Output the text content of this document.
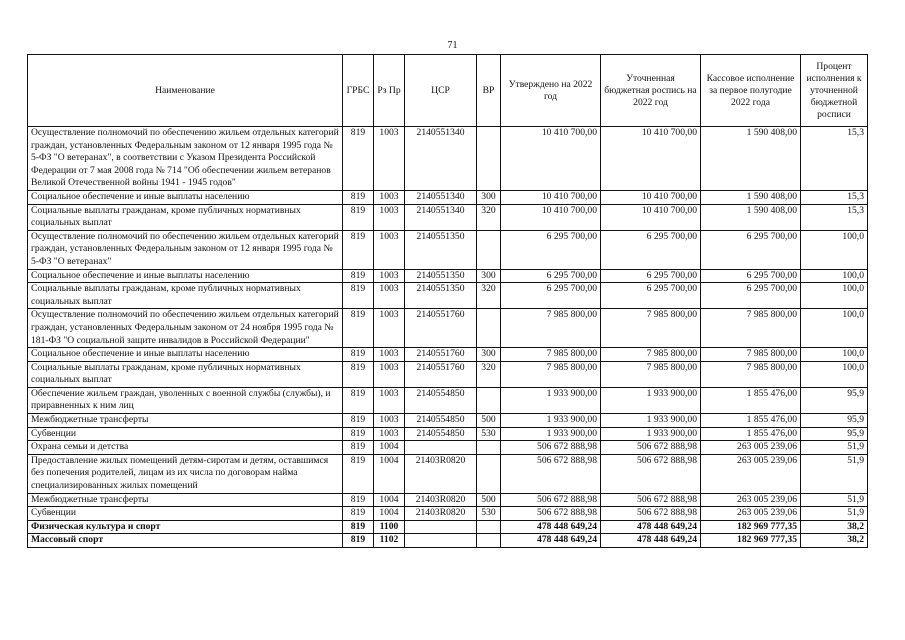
71
Наименование	ГРБС	Рз Пр	ЦСР	ВР	Утверждено на 2022 год	Уточненная бюджетная роспись на 2022 год	Кассовое исполнение за первое полугодие 2022 года	Процент исполнения к уточненной бюджетной росписи
Осуществление полномочий по обеспечению жильем отдельных категорий граждан, установленных Федеральным законом от 12 января 1995 года № 5-ФЗ "О ветеранах", в соответствии с Указом Президента Российской Федерации от 7 мая 2008 года № 714 "Об обеспечении жильем ветеранов Великой Отечественной войны 1941 - 1945 годов"	819	1003	2140551340		10 410 700,00	10 410 700,00	1 590 408,00	15,3
Социальное обеспечение и иные выплаты населению	819	1003	2140551340	300	10 410 700,00	10 410 700,00	1 590 408,00	15,3
Социальные выплаты гражданам, кроме публичных нормативных социальных выплат	819	1003	2140551340	320	10 410 700,00	10 410 700,00	1 590 408,00	15,3
Осуществление полномочий по обеспечению жильем отдельных категорий граждан, установленных Федеральным законом от 12 января 1995 года № 5-ФЗ "О ветеранах"	819	1003	2140551350		6 295 700,00	6 295 700,00	6 295 700,00	100,0
Социальное обеспечение и иные выплаты населению	819	1003	2140551350	300	6 295 700,00	6 295 700,00	6 295 700,00	100,0
Социальные выплаты гражданам, кроме публичных нормативных социальных выплат	819	1003	2140551350	320	6 295 700,00	6 295 700,00	6 295 700,00	100,0
Осуществление полномочий по обеспечению жильем отдельных категорий граждан, установленных Федеральным законом от 24 ноября 1995 года № 181-ФЗ "О социальной защите инвалидов в Российской Федерации"	819	1003	2140551760		7 985 800,00	7 985 800,00	7 985 800,00	100,0
Социальное обеспечение и иные выплаты населению	819	1003	2140551760	300	7 985 800,00	7 985 800,00	7 985 800,00	100,0
Социальные выплаты гражданам, кроме публичных нормативных социальных выплат	819	1003	2140551760	320	7 985 800,00	7 985 800,00	7 985 800,00	100,0
Обеспечение жильем граждан, уволенных с военной службы (службы), и приравненных к ним лиц	819	1003	2140554850		1 933 900,00	1 933 900,00	1 855 476,00	95,9
Межбюджетные трансферты	819	1003	2140554850	500	1 933 900,00	1 933 900,00	1 855 476,00	95,9
Субвенции	819	1003	2140554850	530	1 933 900,00	1 933 900,00	1 855 476,00	95,9
Охрана семьи и детства	819	1004			506 672 888,98	506 672 888,98	263 005 239,06	51,9
Предоставление жилых помещений детям-сиротам и детям, оставшимся без попечения родителей, лицам из их числа по договорам найма специализированных жилых помещений	819	1004	21403R0820		506 672 888,98	506 672 888,98	263 005 239,06	51,9
Межбюджетные трансферты	819	1004	21403R0820	500	506 672 888,98	506 672 888,98	263 005 239,06	51,9
Субвенции	819	1004	21403R0820	530	506 672 888,98	506 672 888,98	263 005 239,06	51,9
Физическая культура и спорт	819	1100			478 448 649,24	478 448 649,24	182 969 777,35	38,2
Массовый спорт	819	1102			478 448 649,24	478 448 649,24	182 969 777,35	38,2
